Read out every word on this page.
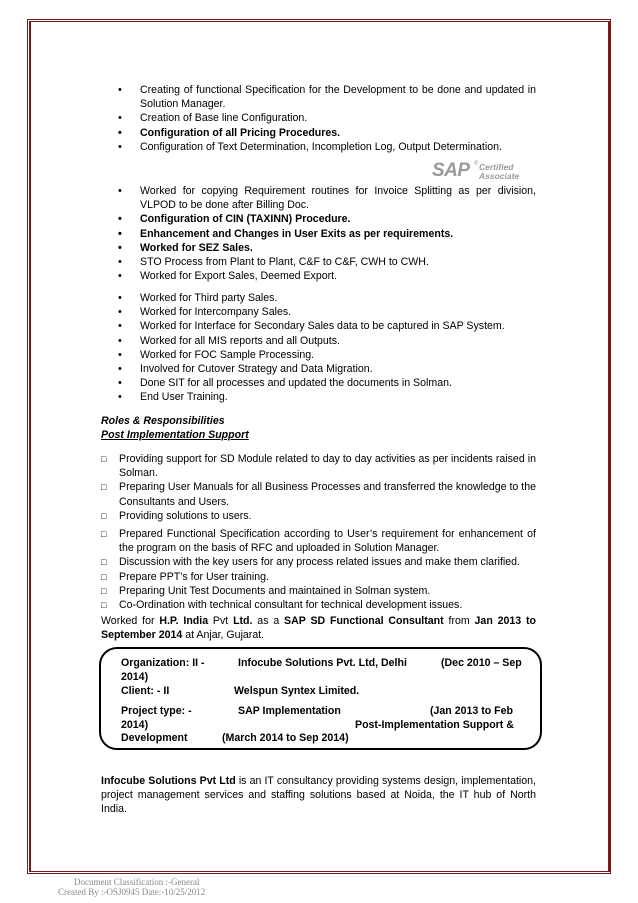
• Creating of functional Specification for the Development to be done and updated in Solution Manager.
• Creation of Base line Configuration.
• Configuration of all Pricing Procedures.
• Configuration of Text Determination, Incompletion Log, Output Determination.
SAP ® Certified
Associate
• Worked for copying Requirement routines for Invoice Splitting as per division, VLPOD to be done after Billing Doc.
• Configuration of CIN (TAXINN) Procedure.
• Enhancement and Changes in User Exits as per requirements.
• Worked for SEZ Sales.
• STO Process from Plant to Plant, C&F to C&F, CWH to CWH.
• Worked for Export Sales, Deemed Export.
• Worked for Third party Sales.
• Worked for Intercompany Sales.
• Worked for Interface for Secondary Sales data to be captured in SAP System.
• Worked for all MIS reports and all Outputs.
• Worked for FOC Sample Processing.
• Involved for Cutover Strategy and Data Migration.
• Done SIT for all processes and updated the documents in Solman.
• End User Training.
Roles & Responsibilities
Post Implementation Support
□ Providing support for SD Module related to day to day activities as per incidents raised in Solman.
□ Preparing User Manuals for all Business Processes and transferred the knowledge to the Consultants and Users.
□ Providing solutions to users.
□ Prepared Functional Specification according to User’s requirement for enhancement of the program on the basis of RFC and uploaded in Solution Manager.
□ Discussion with the key users for any process related issues and make them clarified.
□ Prepare PPT’s for User training.
□ Preparing Unit Test Documents and maintained in Solman system.
□ Co-Ordination with technical consultant for technical development issues.
Worked for H.P. India Pvt Ltd. as a SAP SD Functional Consultant from Jan 2013 to September 2014 at Anjar, Gujarat.
Organization: II -	Infocube Solutions Pvt. Ltd, Delhi	(Dec 2010 – Sep
2014)
Client: - II	Welspun Syntex Limited.
Project type: -	SAP Implementation	(Jan 2013 to Feb
2014)	Post-Implementation Support &
Development	(March 2014 to Sep 2014)
Infocube Solutions Pvt Ltd is an IT consultancy providing systems design, implementation, project management services and staffing solutions based at Noida, the IT hub of North India.
Document Classification :-General
Created By :-OSJ0945 Date:-10/25/2012
